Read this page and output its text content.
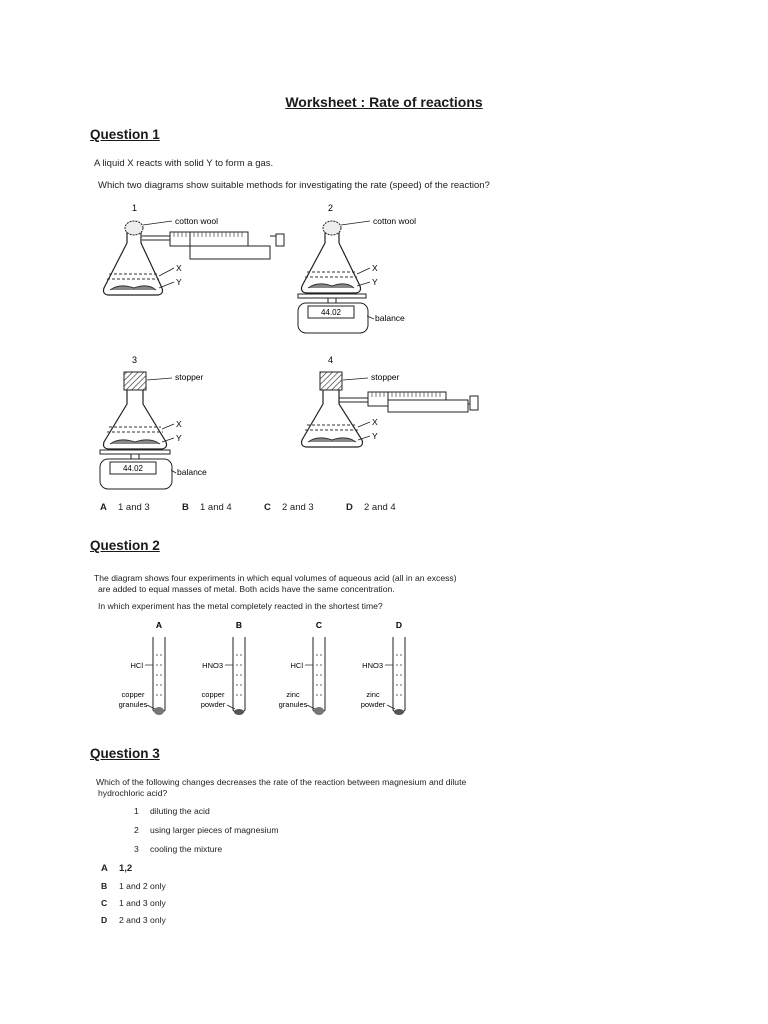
Worksheet : Rate of reactions
Question 1
A liquid X reacts with solid Y to form a gas.
Which two diagrams show suitable methods for investigating the rate (speed) of the reaction?
1
cotton wool
X
Y
2
44.02
balance
cotton wool
X
Y
3
44.02	balance
stopper
X
Y
4
stopper
X
Y
A 1 and 3	B 1 and 4	C 2 and 3	D 2 and 4
Question 2
The diagram shows four experiments in which equal volumes of aqueous acid (all in an excess)
are added to equal masses of metal. Both acids have the same concentration.
In which experiment has the metal completely reacted in the shortest time?
A
HCl
copper
granules
B
HNO3
copper
powder
C
HCl
zinc
granules
D
HNO3
zinc
powder
Question 3
Which of the following changes decreases the rate of the reaction between magnesium and dilute
hydrochloric acid?
1 diluting the acid
2 using larger pieces of magnesium
3 cooling the mixture
A 1,2
B 1 and 2 only
C 1 and 3 only
D 2 and 3 only
